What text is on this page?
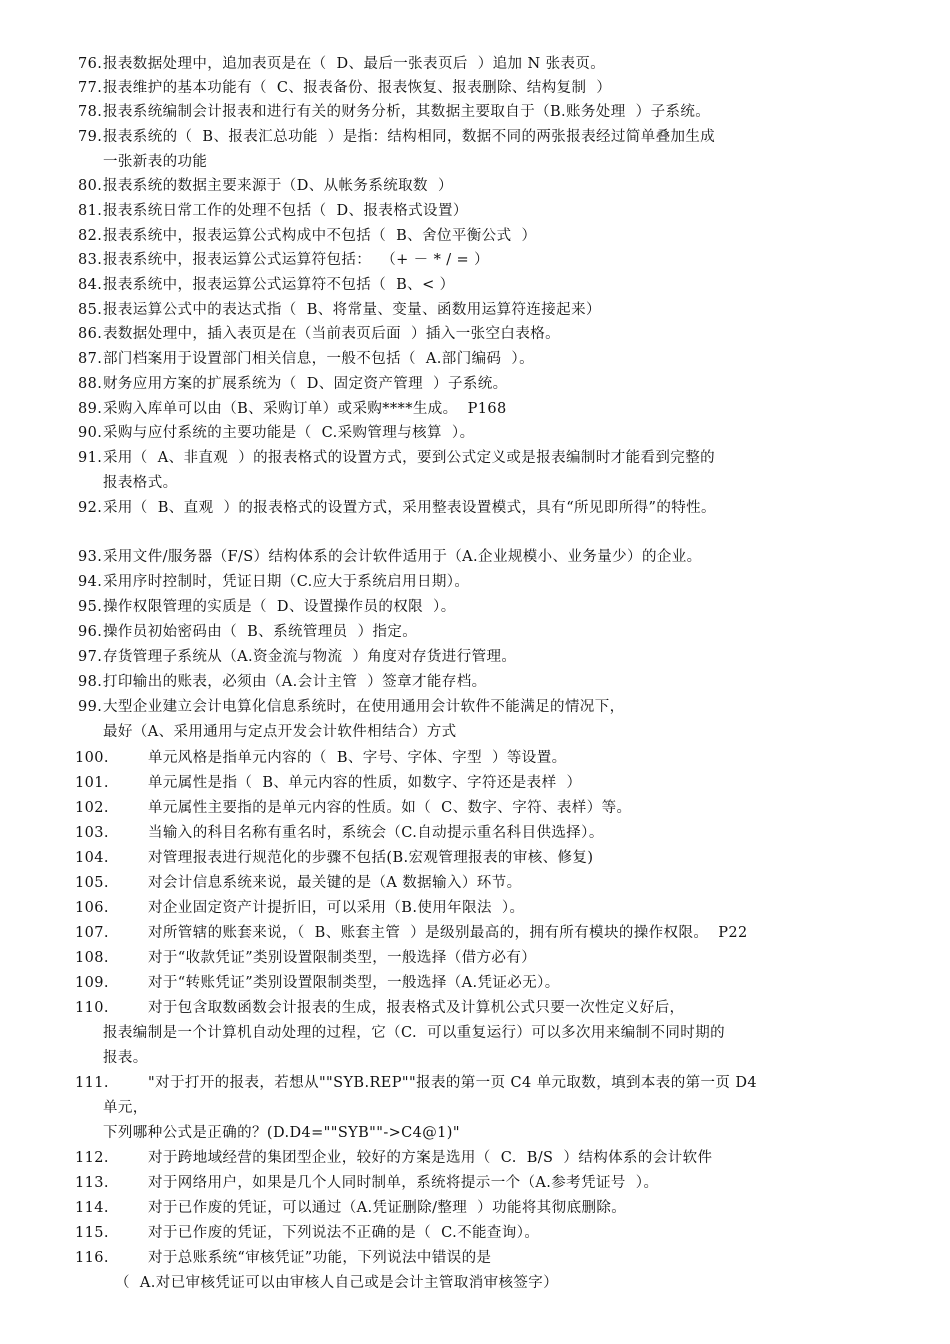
76. 报表数据处理中，追加表页是在（  D、最后一张表页后  ）追加 N 张表页。
77. 报表维护的基本功能有（  C、报表备份、报表恢复、报表删除、结构复制  ）
78. 报表系统编制会计报表和进行有关的财务分析，其数据主要取自于（B.账务处理  ）子系统。
79. 报表系统的（  B、报表汇总功能  ）是指：结构相同，数据不同的两张报表经过简单叠加生成
一张新表的功能
80. 报表系统的数据主要来源于（D、从帐务系统取数  ）
81. 报表系统日常工作的处理不包括（  D、报表格式设置）
82. 报表系统中，报表运算公式构成中不包括（  B、舍位平衡公式  ）
83. 报表系统中，报表运算公式运算符包括：  （+ － * / = ）
84. 报表系统中，报表运算公式运算符不包括（  B、< ）
85. 报表运算公式中的表达式指（  B、将常量、变量、函数用运算符连接起来）
86. 表数据处理中，插入表页是在（当前表页后面  ）插入一张空白表格。
87. 部门档案用于设置部门相关信息，一般不包括（  A.部门编码  ）。
88. 财务应用方案的扩展系统为（  D、固定资产管理  ）子系统。
89. 采购入库单可以由（B、采购订单）或采购****生成。  P168
90. 采购与应付系统的主要功能是（  C.采购管理与核算  ）。
91. 采用（  A、非直观  ）的报表格式的设置方式，要到公式定义或是报表编制时才能看到完整的
报表格式。
92. 采用（  B、直观  ）的报表格式的设置方式，采用整表设置模式，具有“所见即所得”的特性。
93. 采用文件/服务器（F/S）结构体系的会计软件适用于（A.企业规模小、业务量少）的企业。
94. 采用序时控制时，凭证日期（C.应大于系统启用日期）。
95. 操作权限管理的实质是（  D、设置操作员的权限  ）。
96. 操作员初始密码由（  B、系统管理员  ）指定。
97. 存货管理子系统从（A.资金流与物流  ）角度对存货进行管理。
98. 打印输出的账表，必须由（A.会计主管  ）签章才能存档。
99. 大型企业建立会计电算化信息系统时，在使用通用会计软件不能满足的情况下，
最好（A、采用通用与定点开发会计软件相结合）方式
100.	单元风格是指单元内容的（  B、字号、字体、字型  ）等设置。
101.	单元属性是指（  B、单元内容的性质，如数字、字符还是表样  ）
102.	单元属性主要指的是单元内容的性质。如（  C、数字、字符、表样）等。
103.	当输入的科目名称有重名时，系统会（C.自动提示重名科目供选择）。
104.	对管理报表进行规范化的步骤不包括(B.宏观管理报表的审核、修复)
105.	对会计信息系统来说，最关键的是（A 数据输入）环节。
106.	对企业固定资产计提折旧，可以采用（B.使用年限法  ）。
107.	对所管辖的账套来说，（  B、账套主管  ）是级别最高的，拥有所有模块的操作权限。  P22
108.	对于“收款凭证”类别设置限制类型，一般选择（借方必有）
109.	对于“转账凭证”类别设置限制类型，一般选择（A.凭证必无）。
110.	对于包含取数函数会计报表的生成，报表格式及计算机公式只要一次性定义好后，
报表编制是一个计算机自动处理的过程，它（C.  可以重复运行）可以多次用来编制不同时期的
报表。
111.	"对于打开的报表，若想从""SYB.REP""报表的第一页 C4 单元取数，填到本表的第一页 D4
单元，
下列哪种公式是正确的？(D.D4=""SYB""->C4@1)"
112.	对于跨地域经营的集团型企业，较好的方案是选用（  C.  B/S  ）结构体系的会计软件
113.	对于网络用户，如果是几个人同时制单，系统将提示一个（A.参考凭证号  ）。
114.	对于已作废的凭证，可以通过（A.凭证删除/整理  ）功能将其彻底删除。
115.	对于已作废的凭证，下列说法不正确的是（  C.不能查询）。
116.	对于总账系统“审核凭证”功能，下列说法中错误的是
（  A.对已审核凭证可以由审核人自己或是会计主管取消审核签字）
